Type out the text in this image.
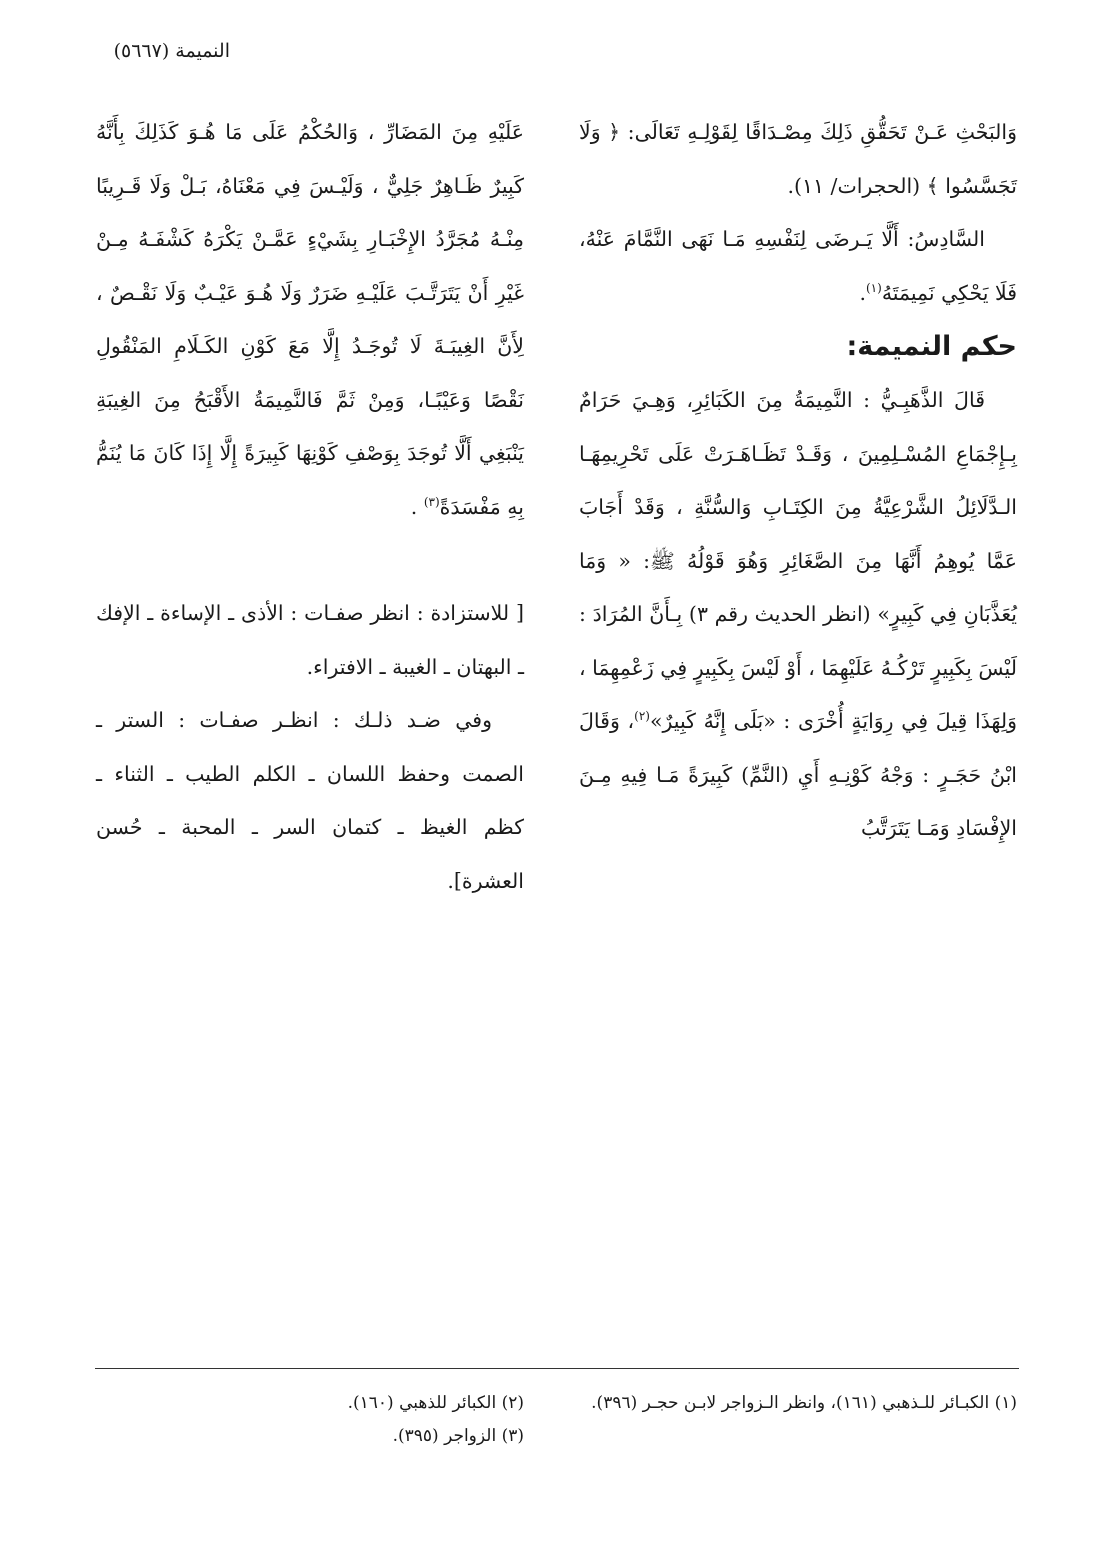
النميمة (٥٦٦٧)

وَالبَحْثِ عَـنْ تَحَقُّقِ ذَلِكَ مِصْـدَاقًا لِقَوْلِـهِ تَعَالَى: ﴿ وَلَا تَجَسَّسُوا ﴾ (الحجرات/ ١١).

السَّادِسُ: أَلَّا يَـرضَى لِنَفْسِهِ مَـا نَهَى النَّمَّامَ عَنْهُ، فَلَا يَحْكِي نَمِيمَتَهُ$^{(١)}$.

حكم النميمة:

قَالَ الذَّهَبِـيُّ : النَّمِيمَةُ مِنَ الكَبَائِرِ، وَهِـيَ حَرَامٌ بِـإِجْمَاعِ المُسْـلِمِينَ ، وَقَـدْ تَظَـاهَـرَتْ عَلَى تَحْرِيمِهَـا الـدَّلَائِلُ الشَّرْعِيَّةُ مِنَ الكِتَـابِ وَالسُّنَّةِ ، وَقَدْ أَجَابَ عَمَّا يُوهِمُ أَنَّهَا مِنَ الصَّغَائِرِ وَهُوَ قَوْلُهُ ﷺ: « وَمَا يُعَذَّبَانِ فِي كَبِيرٍ» (انظر الحديث رقم ٣) بِـأَنَّ المُرَادَ : لَيْسَ بِكَبِيرٍ تَرْكُـهُ عَلَيْهِمَا ، أَوْ لَيْسَ بِكَبِيرٍ فِي زَعْمِهِمَا ، وَلِهَذَا قِيلَ فِي رِوَايَةٍ أُخْرَى : «بَلَى إِنَّهُ كَبِيرٌ»$^{(٢)}$، وَقَالَ ابْنُ حَجَـرٍ : وَجْهُ كَوْنِـهِ أَيِ (النَّمِّ) كَبِيرَةً مَـا فِيهِ مِـنَ الإِفْسَادِ وَمَـا يَتَرَتَّبُ

عَلَيْهِ مِنَ المَضَارِّ ، وَالحُكْمُ عَلَى مَا هُـوَ كَذَلِكَ بِأَنَّهُ كَبِيرٌ ظَـاهِرٌ جَلِيٌّ ، وَلَيْـسَ فِي مَعْنَاهُ، بَـلْ وَلَا قَـرِيبًا مِنْـهُ مُجَرَّدُ الإِخْبَـارِ بِشَيْءٍ عَمَّـنْ يَكْرَهُ كَشْفَـهُ مِـنْ غَيْرِ أَنْ يَتَرَتَّـبَ عَلَيْـهِ ضَرَرٌ وَلَا هُـوَ عَيْـبٌ وَلَا نَقْـصٌ ، لِأَنَّ الغِيبَـةَ لَا تُوجَـدُ إِلَّا مَعَ كَوْنِ الكَـلَامِ المَنْقُولِ نَقْصًا وَعَيْبًـا، وَمِنْ ثَمَّ فَالنَّمِيمَةُ الأَقْبَحُ مِنَ الغِيبَةِ يَنْبَغِي أَلَّا تُوجَدَ بِوَصْفِ كَوْنِهَا كَبِيرَةً إِلَّا إِذَا كَانَ مَا يُنَمُّ بِهِ مَفْسَدَةً$^{(٣)}$ .

[ للاستزادة : انظر صفـات : الأذى ـ الإساءة ـ الإفك ـ البهتان ـ الغيبة ـ الافتراء.

وفي ضـد ذلـك : انظـر صفـات : الستر ـ الصمت وحفظ اللسان ـ الكلم الطيب ـ الثناء ـ كظم الغيظ ـ كتمان السر ـ المحبة ـ حُسن العشرة].

(١) الكبـائر للـذهبي (١٦١)، وانظر الـزواجر لابـن حجـر (٣٩٦).

(٢) الكبائر للذهبي (١٦٠).

(٣) الزواجر (٣٩٥).
